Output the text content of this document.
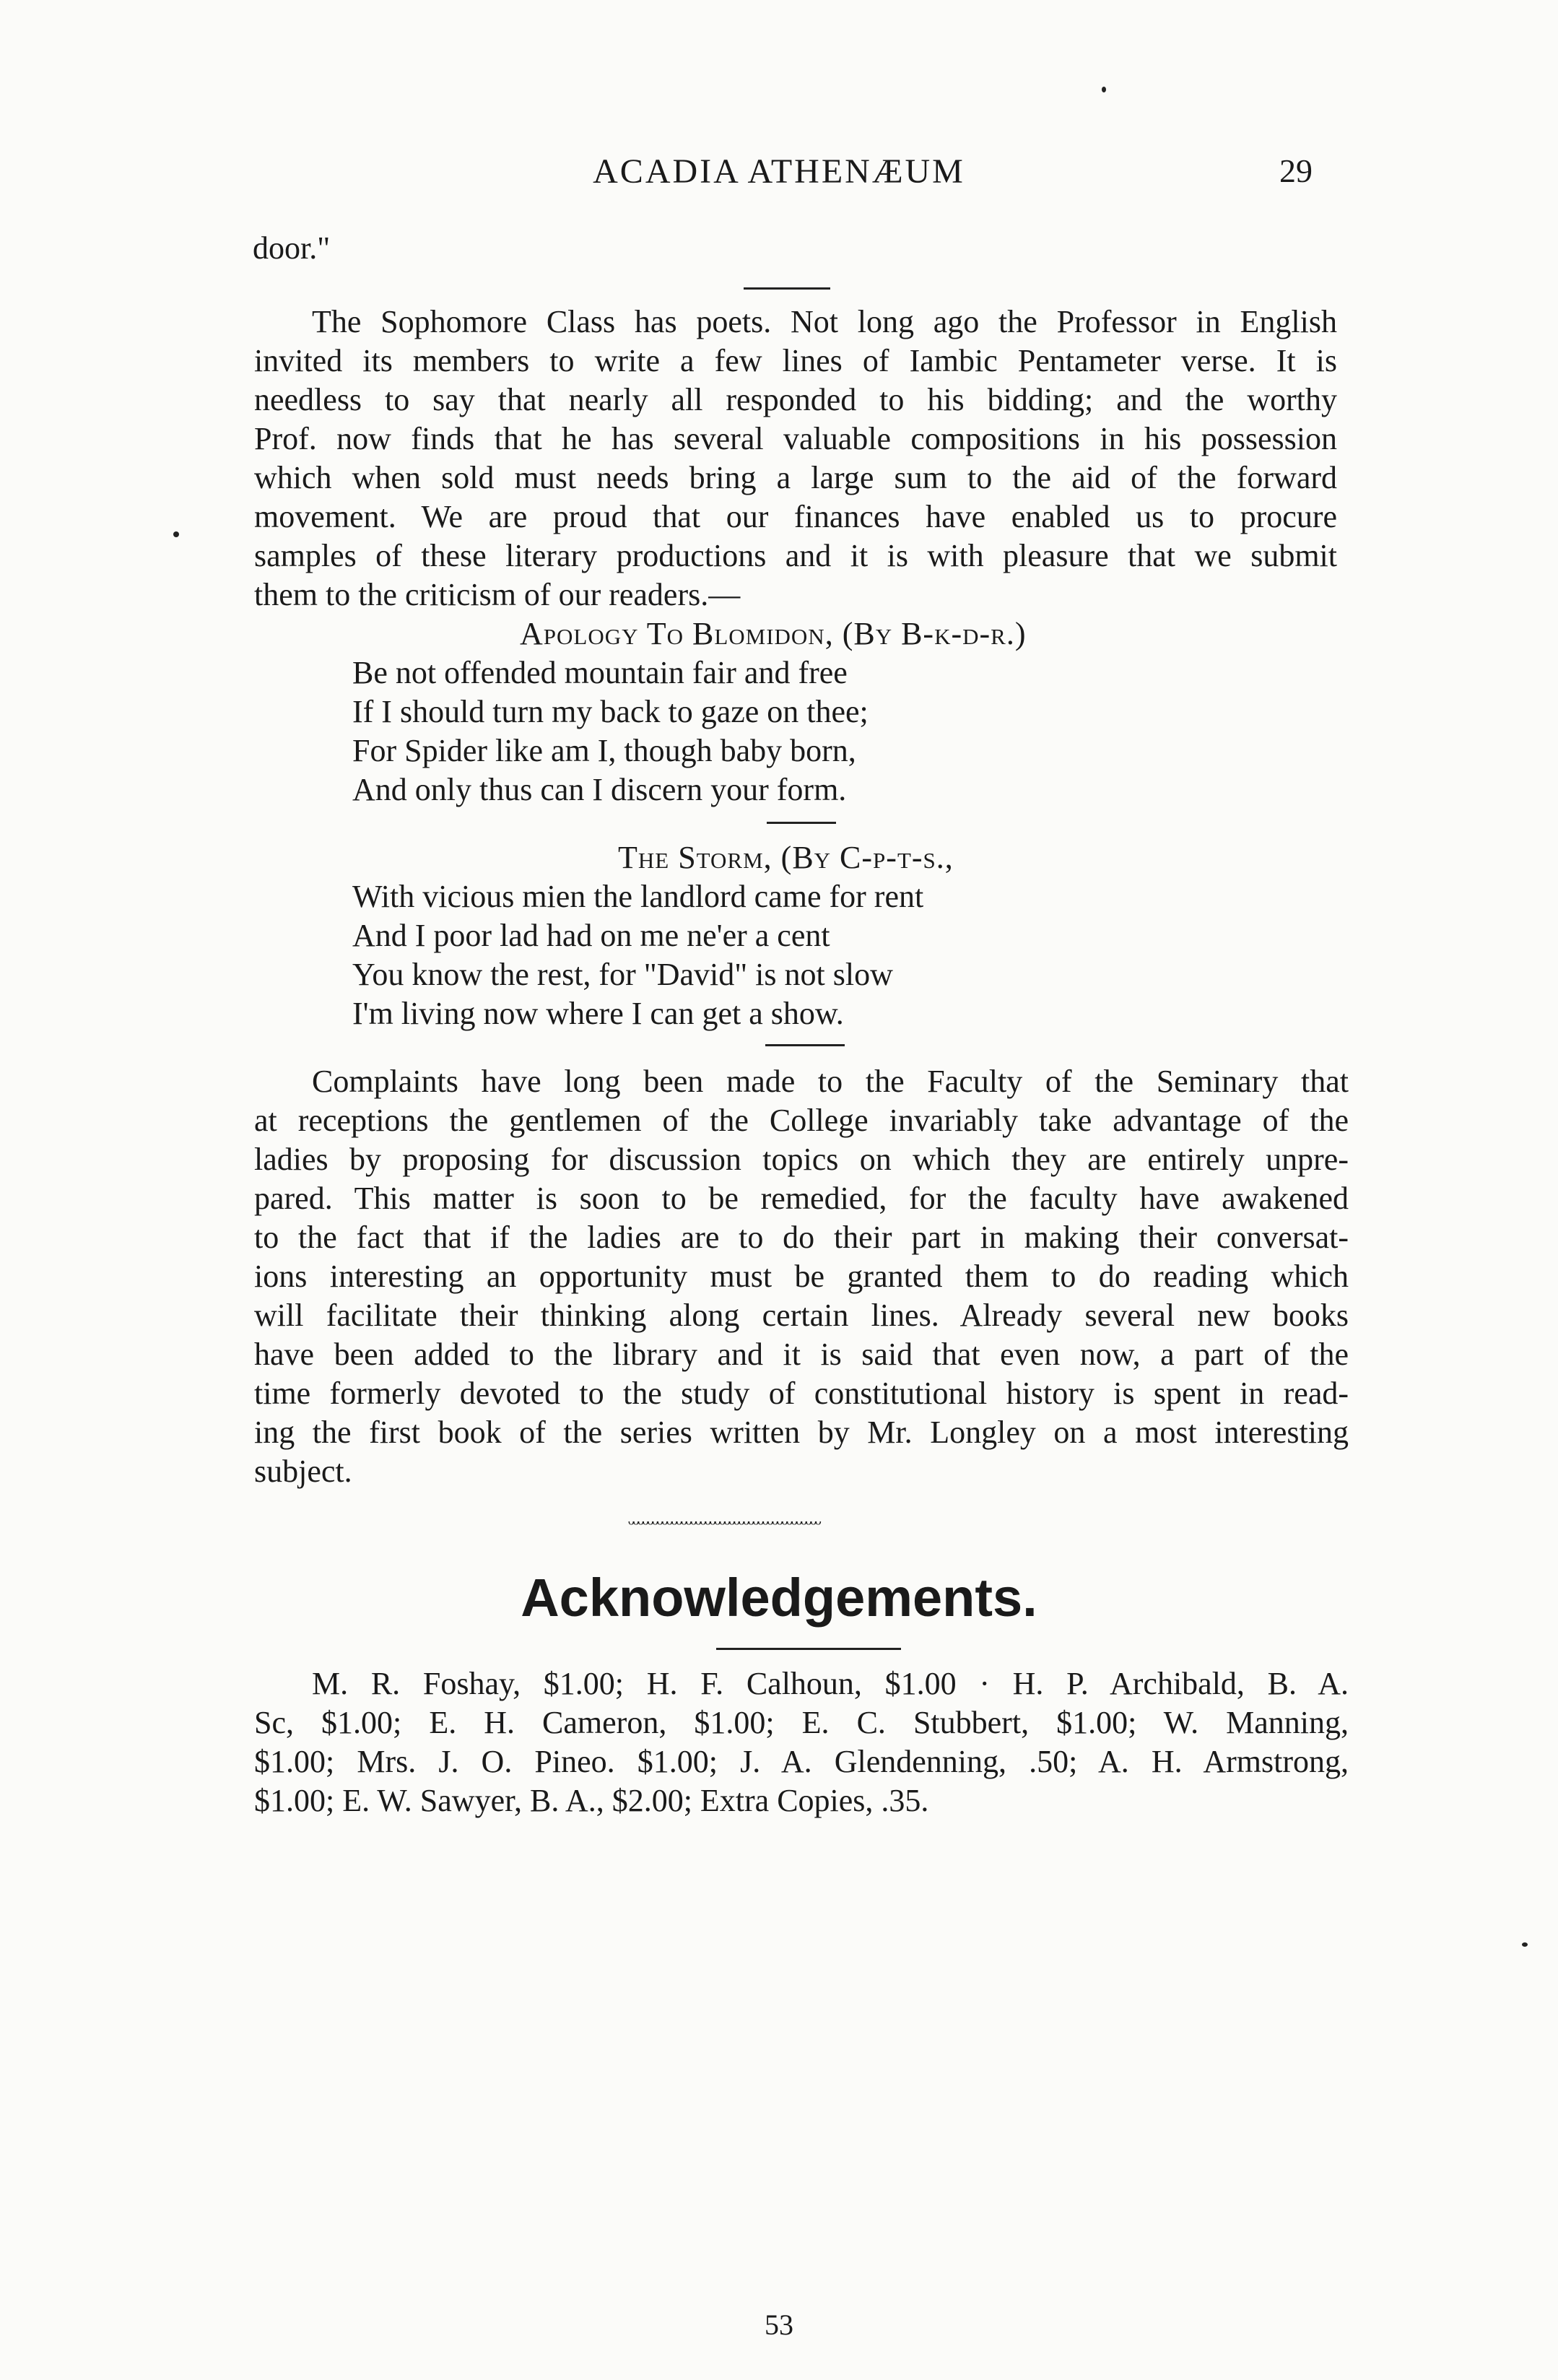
ACADIA ATHENÆUM	29
door."
The Sophomore Class has poets. Not long ago the Professor in English
invited its members to write a few lines of Iambic Pentameter verse. It is
needless to say that nearly all responded to his bidding; and the worthy
Prof. now finds that he has several valuable compositions in his possession
which when sold must needs bring a large sum to the aid of the forward
movement. We are proud that our finances have enabled us to procure
samples of these literary productions and it is with pleasure that we submit
them to the criticism of our readers.—
Apology To Blomidon, (By B-k-d-r.)
Be not offended mountain fair and free
If I should turn my back to gaze on thee;
For Spider like am I, though baby born,
And only thus can I discern your form.
The Storm, (By C-p-t-s.,
With vicious mien the landlord came for rent
And I poor lad had on me ne'er a cent
You know the rest, for "David" is not slow
I'm living now where I can get a show.
Complaints have long been made to the Faculty of the Seminary that
at receptions the gentlemen of the College invariably take advantage of the
ladies by proposing for discussion topics on which they are entirely unpre-
pared. This matter is soon to be remedied, for the faculty have awakened
to the fact that if the ladies are to do their part in making their conversat-
ions interesting an opportunity must be granted them to do reading which
will facilitate their thinking along certain lines. Already several new books
have been added to the library and it is said that even now, a part of the
time formerly devoted to the study of constitutional history is spent in read-
ing the first book of the series written by Mr. Longley on a most interesting
subject.
ᵕᵕᵕᵕᵕᵕᵕᵕᵕᵕᵕᵕᵕᵕᵕᵕᵕᵕᵕᵕᵕᵕᵕᵕᵕᵕᵕᵕᵕᵕᵕᵕᵕᵕᵕᵕᵕᵕᵕᵕ
Acknowledgements.
M. R. Foshay, $1.00; H. F. Calhoun, $1.00 · H. P. Archibald, B. A.
Sc, $1.00; E. H. Cameron, $1.00; E. C. Stubbert, $1.00; W. Manning,
$1.00; Mrs. J. O. Pineo. $1.00; J. A. Glendenning, .50; A. H. Armstrong,
$1.00; E. W. Sawyer, B. A., $2.00; Extra Copies, .35.
53
